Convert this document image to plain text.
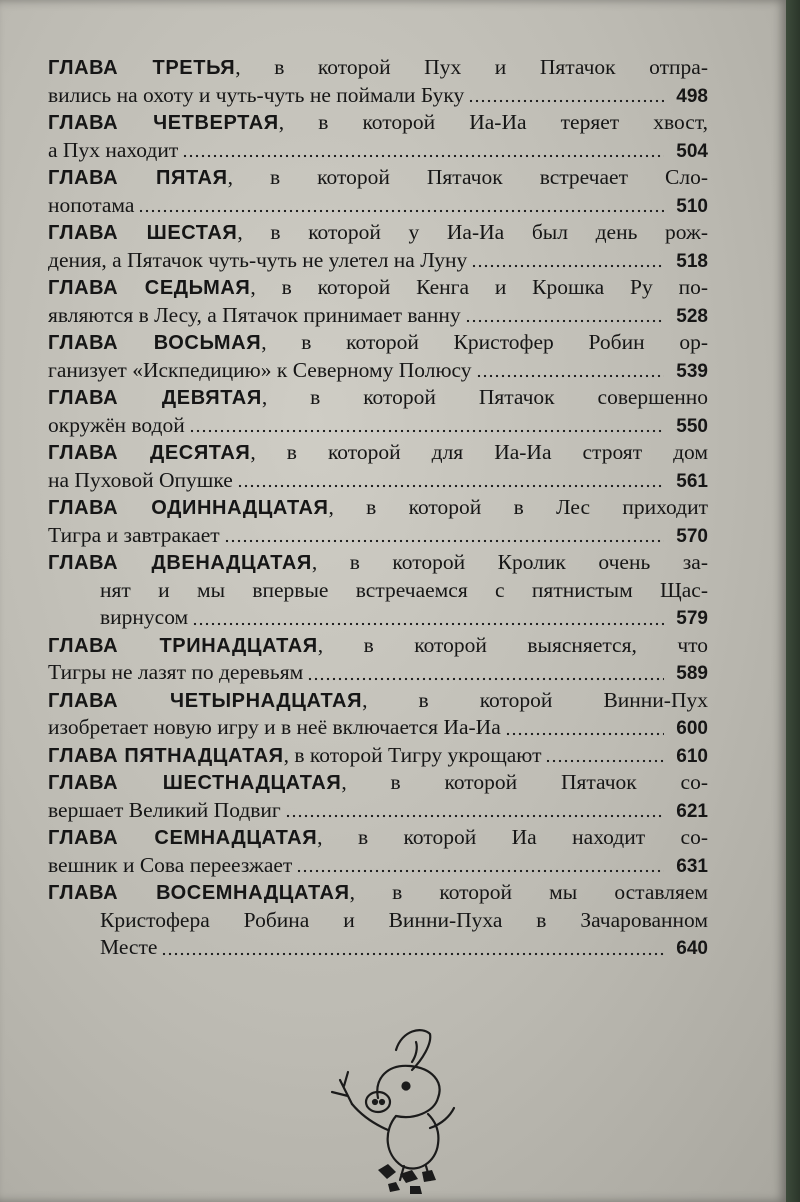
ГЛАВА ТРЕТЬЯ, в которой Пух и Пятачок отпра-
вились на охоту и чуть-чуть не поймали Буку	498
ГЛАВА ЧЕТВЕРТАЯ, в которой Иа-Иа теряет хвост,
а Пух находит	504
ГЛАВА ПЯТАЯ, в которой Пятачок встречает Сло-
нопотама	510
ГЛАВА ШЕСТАЯ, в которой у Иа-Иа был день рож-
дения, а Пятачок чуть-чуть не улетел на Луну	518
ГЛАВА СЕДЬМАЯ, в которой Кенга и Крошка Ру по-
являются в Лесу, а Пятачок принимает ванну	528
ГЛАВА ВОСЬМАЯ, в которой Кристофер Робин ор-
ганизует «Искпедицию» к Северному Полюсу	539
ГЛАВА ДЕВЯТАЯ, в которой Пятачок совершенно
окружён водой	550
ГЛАВА ДЕСЯТАЯ, в которой для Иа-Иа строят дом
на Пуховой Опушке	561
ГЛАВА ОДИННАДЦАТАЯ, в которой в Лес приходит
Тигра и завтракает	570
ГЛАВА ДВЕНАДЦАТАЯ, в которой Кролик очень за-
нят и мы впервые встречаемся с пятнистым Щас-
вирнусом	579
ГЛАВА ТРИНАДЦАТАЯ, в которой выясняется, что
Тигры не лазят по деревьям	589
ГЛАВА ЧЕТЫРНАДЦАТАЯ, в которой Винни-Пух
изобретает новую игру и в неё включается Иа-Иа	600
ГЛАВА ПЯТНАДЦАТАЯ , в которой Тигру укрощают	610
ГЛАВА ШЕСТНАДЦАТАЯ, в которой Пятачок со-
вершает Великий Подвиг	621
ГЛАВА СЕМНАДЦАТАЯ, в которой Иа находит со-
вешник и Сова переезжает	631
ГЛАВА ВОСЕМНАДЦАТАЯ, в которой мы оставляем
Кристофера Робина и Винни-Пуха в Зачарованном
Месте	640
